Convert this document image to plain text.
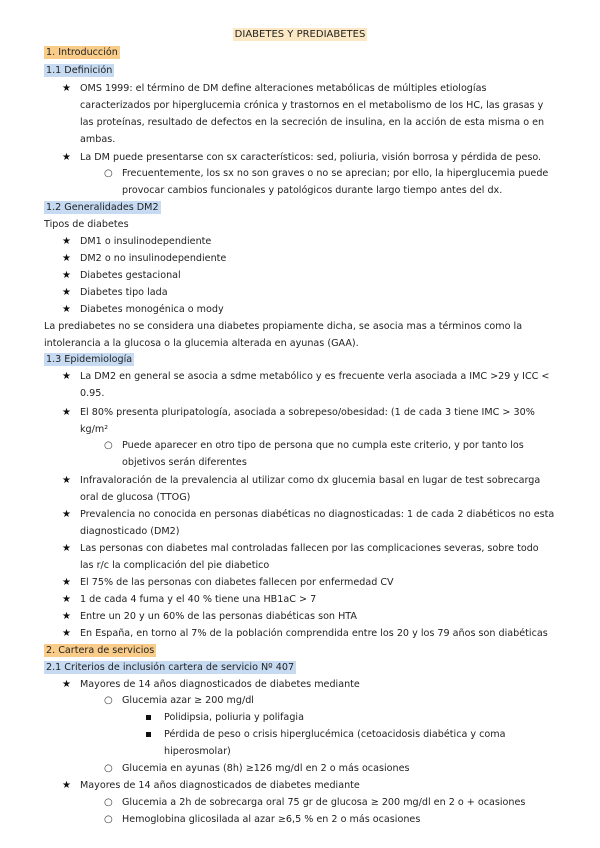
DIABETES Y PREDIABETES
1. Introducción
1.1 Definición
★ OMS 1999: el término de DM define alteraciones metabólicas de múltiples etiologías
caracterizados por hiperglucemia crónica y trastornos en el metabolismo de los HC, las grasas y
las proteínas, resultado de defectos en la secreción de insulina, en la acción de esta misma o en
ambas.
★ La DM puede presentarse con sx característicos: sed, poliuria, visión borrosa y pérdida de peso.
○ Frecuentemente, los sx no son graves o no se aprecian; por ello, la hiperglucemia puede
provocar cambios funcionales y patológicos durante largo tiempo antes del dx.
1.2 Generalidades DM2
Tipos de diabetes
★ DM1 o insulinodependiente
★ DM2 o no insulinodependiente
★ Diabetes gestacional
★ Diabetes tipo lada
★ Diabetes monogénica o mody
La prediabetes no se considera una diabetes propiamente dicha, se asocia mas a términos como la
intolerancia a la glucosa o la glucemia alterada en ayunas (GAA).
1.3 Epidemiología
★ La DM2 en general se asocia a sdme metabólico y es frecuente verla asociada a IMC >29 y ICC <
0.95.
★ El 80% presenta pluripatología, asociada a sobrepeso/obesidad: (1 de cada 3 tiene IMC > 30%
kg/m²
○ Puede aparecer en otro tipo de persona que no cumpla este criterio, y por tanto los
objetivos serán diferentes
★ Infravaloración de la prevalencia al utilizar como dx glucemia basal en lugar de test sobrecarga
oral de glucosa (TTOG)
★ Prevalencia no conocida en personas diabéticas no diagnosticadas: 1 de cada 2 diabéticos no esta
diagnosticado (DM2)
★ Las personas con diabetes mal controladas fallecen por las complicaciones severas, sobre todo
las r/c la complicación del pie diabetico
★ El 75% de las personas con diabetes fallecen por enfermedad CV
★ 1 de cada 4 fuma y el 40 % tiene una HB1aC > 7
★ Entre un 20 y un 60% de las personas diabéticas son HTA
★ En España, en torno al 7% de la población comprendida entre los 20 y los 79 años son diabéticas
2. Cartera de servicios
2.1 Criterios de inclusión cartera de servicio Nº 407
★ Mayores de 14 años diagnosticados de diabetes mediante
○ Glucemia azar ≥ 200 mg/dl
Polidipsia, poliuria y polifagia
Pérdida de peso o crisis hiperglucémica (cetoacidosis diabética y coma
hiperosmolar)
○ Glucemia en ayunas (8h) ≥126 mg/dl en 2 o más ocasiones
★ Mayores de 14 años diagnosticados de diabetes mediante
○ Glucemia a 2h de sobrecarga oral 75 gr de glucosa ≥ 200 mg/dl en 2 o + ocasiones
○ Hemoglobina glicosilada al azar ≥6,5 % en 2 o más ocasiones
